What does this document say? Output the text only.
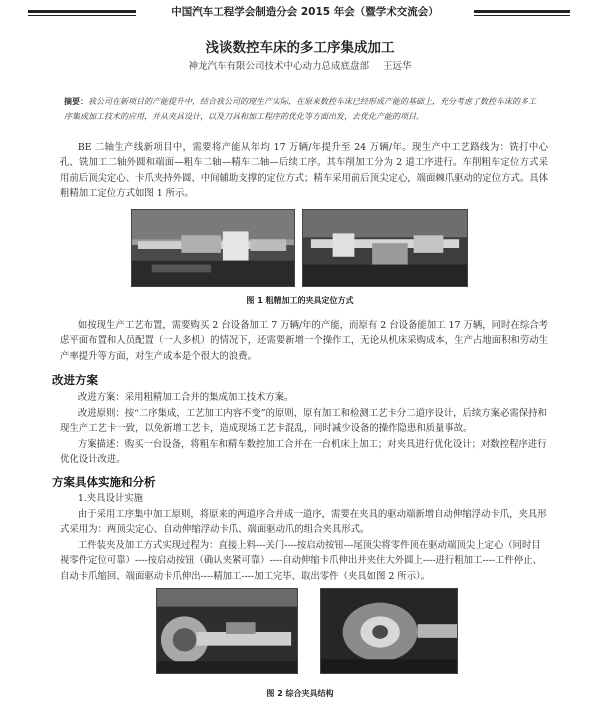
中国汽车工程学会制造分会 2015 年会（暨学术交流会）
浅谈数控车床的多工序集成加工
神龙汽车有限公司技术中心动力总成底盘部 王远华
摘要：我公司在新项目的产能提升中，结合我公司的现生产实际，在原来数控车床已经形成产能的基础上，充分考虑了数控车床的多工序集成加工技术的应用，并从夹具设计，以及刀具和加工程序的优化等方面出发，去优化产能的项目。
BE 二轴生产线新项目中，需要将产能从年均 17 万辆/年提升至 24 万辆/年。现生产中工艺路线为：铣打中心孔、铣加工二轴外圆和端面—粗车二轴—精车二轴—后续工序。其车削加工分为 2 道工序进行。车削粗车定位方式采用前后顶尖定心、卡爪夹持外圆、中间辅助支撑的定位方式；精车采用前后顶尖定心，端面棘爪驱动的定位方式。具体粗精加工定位方式如图 1 所示。
图 1 粗精加工的夹具定位方式
如按现生产工艺布置，需要购买 2 台设备加工 7 万辆/年的产能，而原有 2 台设备能加工 17 万辆，同时在综合考虑平面布置和人员配置（一人多机）的情况下，还需要新增一个操作工，无论从机床采购成本，生产占地面积和劳动生产率提升等方面，对生产成本是个很大的浪费。
改进方案
改进方案：采用粗精加工合并的集成加工技术方案。
改进原则：按“二序集成，工艺加工内容不变”的原则，原有加工和检测工艺卡分二道序设计，后续方案必需保持和现生产工艺卡一致，以免新增工艺卡，造成现场工艺卡混乱，同时减少设备的操作隐患和质量事故。
方案描述：购买一台设备，将粗车和精车数控加工合并在一台机床上加工；对夹具进行优化设计；对数控程序进行优化设计改进。
方案具体实施和分析
1.夹具设计实施
由于采用工序集中加工原则，将原来的两道序合并成一道序，需要在夹具的驱动端新增自动伸缩浮动卡爪，夹具形式采用为：两顶尖定心、自动伸缩浮动卡爪、端面驱动爪的组合夹具形式。
工件装夹及加工方式实现过程为：直接上料---关门----按启动按钮---尾顶尖将零件顶在驱动端顶尖上定心（同时目视零件定位可靠）----按启动按钮（确认夹紧可靠）----自动伸缩卡爪伸出并夹住大外圆上----进行粗加工----工件停止、自动卡爪缩回、端面驱动卡爪伸出----精加工----加工完毕、取出零件（夹具如图 2 所示）。
图 2 综合夹具结构
